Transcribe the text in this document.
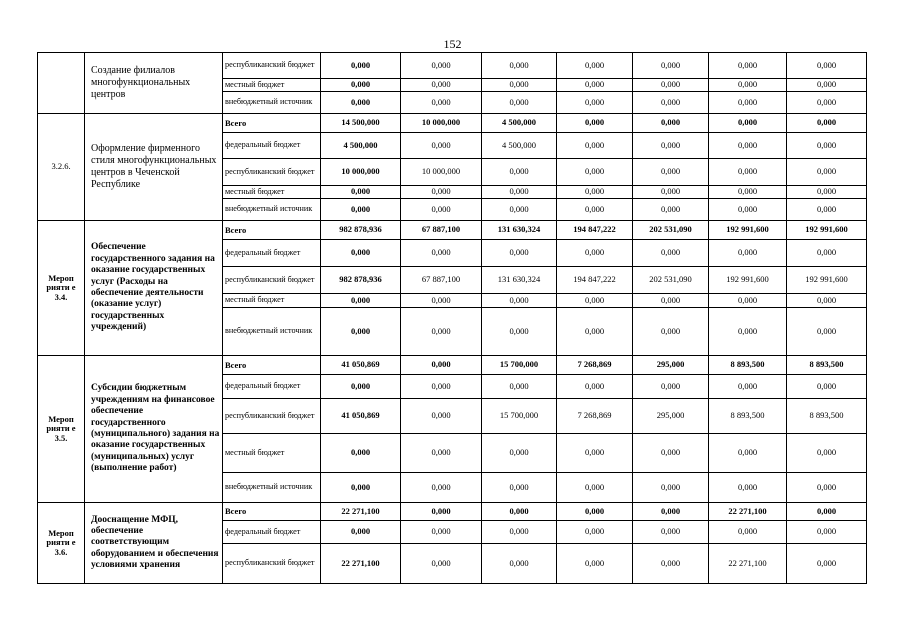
152
	Создание филиалов многофункциональных центров	республиканский бюджет	0,000	0,000	0,000	0,000	0,000	0,000	0,000
		местный бюджет	0,000	0,000	0,000	0,000	0,000	0,000	0,000
		внебюджетный источник	0,000	0,000	0,000	0,000	0,000	0,000	0,000
3.2.6.	Оформление фирменного стиля многофункциональных центров в Чеченской Республике	Всего	14 500,000	10 000,000	4 500,000	0,000	0,000	0,000	0,000
		федеральный бюджет	4 500,000	0,000	4 500,000	0,000	0,000	0,000	0,000
		республиканский бюджет	10 000,000	10 000,000	0,000	0,000	0,000	0,000	0,000
		местный бюджет	0,000	0,000	0,000	0,000	0,000	0,000	0,000
		внебюджетный источник	0,000	0,000	0,000	0,000	0,000	0,000	0,000
Мероп рияти е 3.4.	Обеспечение государственного задания на оказание государственных услуг (Расходы на обеспечение деятельности (оказание услуг) государственных учреждений)	Всего	982 878,936	67 887,100	131 630,324	194 847,222	202 531,090	192 991,600	192 991,600
		федеральный бюджет	0,000	0,000	0,000	0,000	0,000	0,000	0,000
		республиканский бюджет	982 878,936	67 887,100	131 630,324	194 847,222	202 531,090	192 991,600	192 991,600
		местный бюджет	0,000	0,000	0,000	0,000	0,000	0,000	0,000
		внебюджетный источник	0,000	0,000	0,000	0,000	0,000	0,000	0,000
Мероп рияти е 3.5.	Субсидии бюджетным учреждениям на финансовое обеспечение государственного (муниципального) задания на оказание государственных (муниципальных) услуг (выполнение работ)	Всего	41 050,869	0,000	15 700,000	7 268,869	295,000	8 893,500	8 893,500
		федеральный бюджет	0,000	0,000	0,000	0,000	0,000	0,000	0,000
		республиканский бюджет	41 050,869	0,000	15 700,000	7 268,869	295,000	8 893,500	8 893,500
		местный бюджет	0,000	0,000	0,000	0,000	0,000	0,000	0,000
		внебюджетный источник	0,000	0,000	0,000	0,000	0,000	0,000	0,000
Мероп рияти е 3.6.	Дооснащение МФЦ, обеспечение соответствующим оборудованием и обеспечения условиями хранения	Всего	22 271,100	0,000	0,000	0,000	0,000	22 271,100	0,000
		федеральный бюджет	0,000	0,000	0,000	0,000	0,000	0,000	0,000
		республиканский бюджет	22 271,100	0,000	0,000	0,000	0,000	22 271,100	0,000
